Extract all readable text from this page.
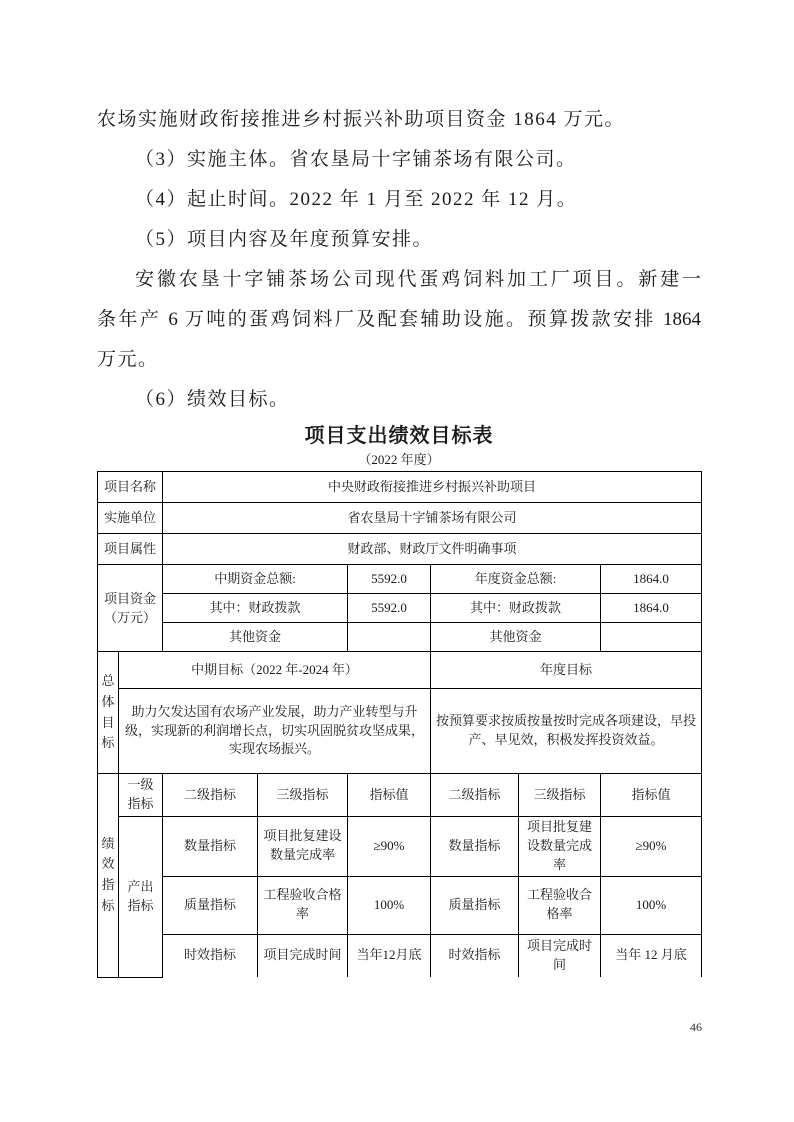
农场实施财政衔接推进乡村振兴补助项目资金 1864 万元。
（3）实施主体。省农垦局十字铺茶场有限公司。
（4）起止时间。2022 年 1 月至 2022 年 12 月。
（5）项目内容及年度预算安排。
安徽农垦十字铺茶场公司现代蛋鸡饲料加工厂项目。新建一
条年产 6 万吨的蛋鸡饲料厂及配套辅助设施。预算拨款安排 1864
万元。
（6）绩效目标。
项目支出绩效目标表
（2022 年度）
项目名称		中央财政衔接推进乡村振兴补助项目					
实施单位		省农垦局十字铺茶场有限公司					
项目属性		财政部、财政厅文件明确事项					

项目资金（万元）		中期资金总额:		5592.0	年度资金总额:		1864.0
		其中：财政拨款		5592.0	其中：财政拨款		1864.0
		其他资金			其他资金		

总体目标	中期目标（2022 年-2024 年）				年度目标		
	助力欠发达国有农场产业发展，助力产业转型与升级，实现新的利润增长点，切实巩固脱贫攻坚成果，实现农场振兴。				按预算要求按质按量按时完成各项建设，早投产、早见效，积极发挥投资效益。		

绩效指标	一级指标	二级指标	三级指标	指标值	二级指标	三级指标	指标值

	产出指标	数量指标	项目批复建设数量完成率	≥90%	数量指标	项目批复建设数量完成率	≥90%
		质量指标	工程验收合格率	100%	质量指标	工程验收合格率	100%
		时效指标	项目完成时间	当年12月底	时效指标	项目完成时间	当年 12 月底
46
